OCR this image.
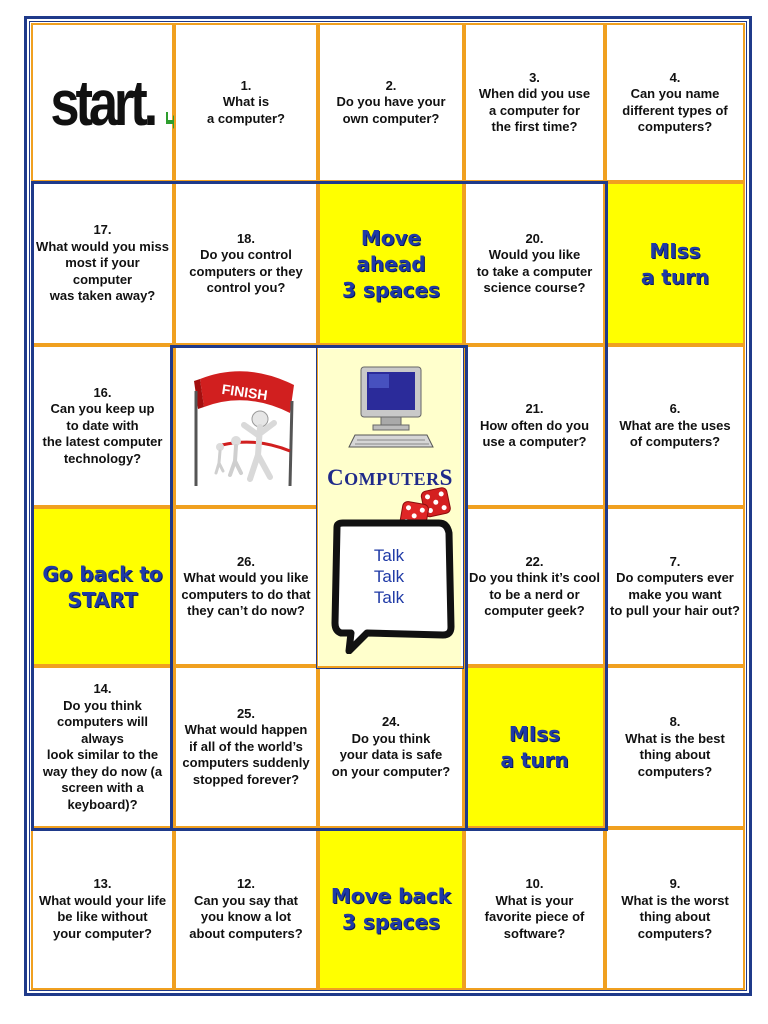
start.	1.
What is
a computer?
2.
Do you have your
own computer?
3.
When did you use
a computer for
the first time?
4.
Can you name
different types of
computers?
17.
What would you miss
most if your computer
was taken away?
18.
Do you control
computers or they
control you?
Move
ahead
3 spaces
20.
Would you like
to take a computer
science course?
MIss
a turn
16.
Can you keep up
to date with
the latest computer
technology?
21.
How often do you
use a computer?
6.
What are the uses
of computers?
Go back to
START
26.
What would you like
computers to do that
they can’t do now?
22.
Do you think it’s cool
to be a nerd or
computer geek?
7.
Do computers ever
make you want
to pull your hair out?
14.
Do you think
computers will always
look similar to the
way they do now (a
screen with a
keyboard)?
25.
What would happen
if all of the world’s
computers suddenly
stopped forever?
24.
Do you think
your data is safe
on your computer?
MIss
a turn
8.
What is the best
thing about
computers?
13.
What would your life
be like without
your computer?
12.
Can you say that
you know a lot
about computers?
Move back
3 spaces
10.
What is your
favorite piece of
software?
9.
What is the worst
thing about
computers?
FINISH
COMPUTERS
Talk
Talk
Talk
